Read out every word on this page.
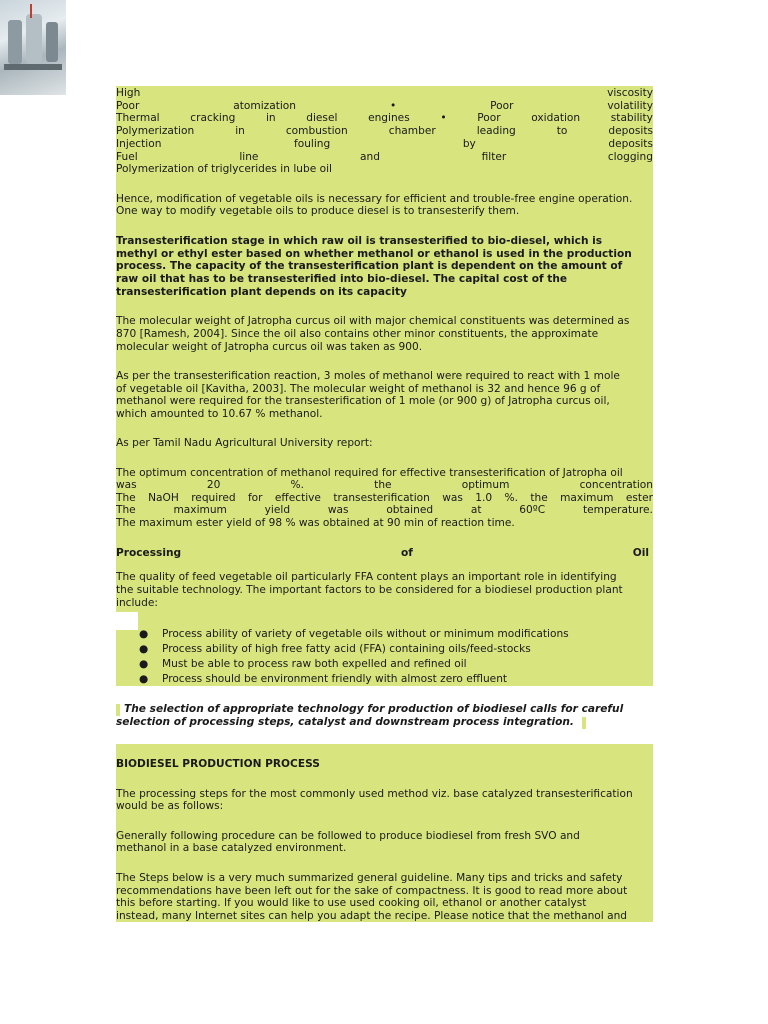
High	viscosity
Poor	atomization	•	Poor	volatility
Thermal	cracking	in	diesel	engines	•	Poor	oxidation	stability
Polymerization	in	combustion	chamber	leading	to	deposits
Injection	fouling	by	deposits
Fuel	line	and	filter	clogging
Polymerization of triglycerides in lube oil
Hence, modification of vegetable oils is necessary for efficient and trouble-free engine operation.
One way to modify vegetable oils to produce diesel is to transesterify them.
Transesterification stage in which raw oil is transesterified to bio-diesel, which is
methyl or ethyl ester based on whether methanol or ethanol is used in the production
process. The capacity of the transesterification plant is dependent on the amount of
raw oil that has to be transesterified into bio-diesel. The capital cost of the
transesterification plant depends on its capacity
The molecular weight of Jatropha curcus oil with major chemical constituents was determined as
870 [Ramesh, 2004]. Since the oil also contains other minor constituents, the approximate
molecular weight of Jatropha curcus oil was taken as 900.
As per the transesterification reaction, 3 moles of methanol were required to react with 1 mole
of vegetable oil [Kavitha, 2003]. The molecular weight of methanol is 32 and hence 96 g of
methanol were required for the transesterification of 1 mole (or 900 g) of Jatropha curcus oil,
which amounted to 10.67 % methanol.
As per Tamil Nadu Agricultural University report:
The optimum concentration of methanol required for effective transesterification of Jatropha oil
was	20	%.	the	optimum	concentration
The NaOH required for effective transesterification was 1.0 %. the maximum ester
The	maximum	yield	was	obtained	at	60ºC	temperature.
The maximum ester yield of 98 % was obtained at 90 min of reaction time.
Processing	of	Oil
The quality of feed vegetable oil particularly FFA content plays an important role in identifying
the suitable technology. The important factors to be considered for a biodiesel production plant
include:
● Process ability of variety of vegetable oils without or minimum modifications
● Process ability of high free fatty acid (FFA) containing oils/feed-stocks
● Must be able to process raw both expelled and refined oil
● Process should be environment friendly with almost zero effluent
The selection of appropriate technology for production of biodiesel calls for careful
selection of processing steps, catalyst and downstream process integration.
BIODIESEL PRODUCTION PROCESS
The processing steps for the most commonly used method viz. base catalyzed transesterification
would be as follows:
Generally following procedure can be followed to produce biodiesel from fresh SVO and
methanol in a base catalyzed environment.
The Steps below is a very much summarized general guideline. Many tips and tricks and safety
recommendations have been left out for the sake of compactness. It is good to read more about
this before starting. If you would like to use used cooking oil, ethanol or another catalyst
instead, many Internet sites can help you adapt the recipe. Please notice that the methanol and
